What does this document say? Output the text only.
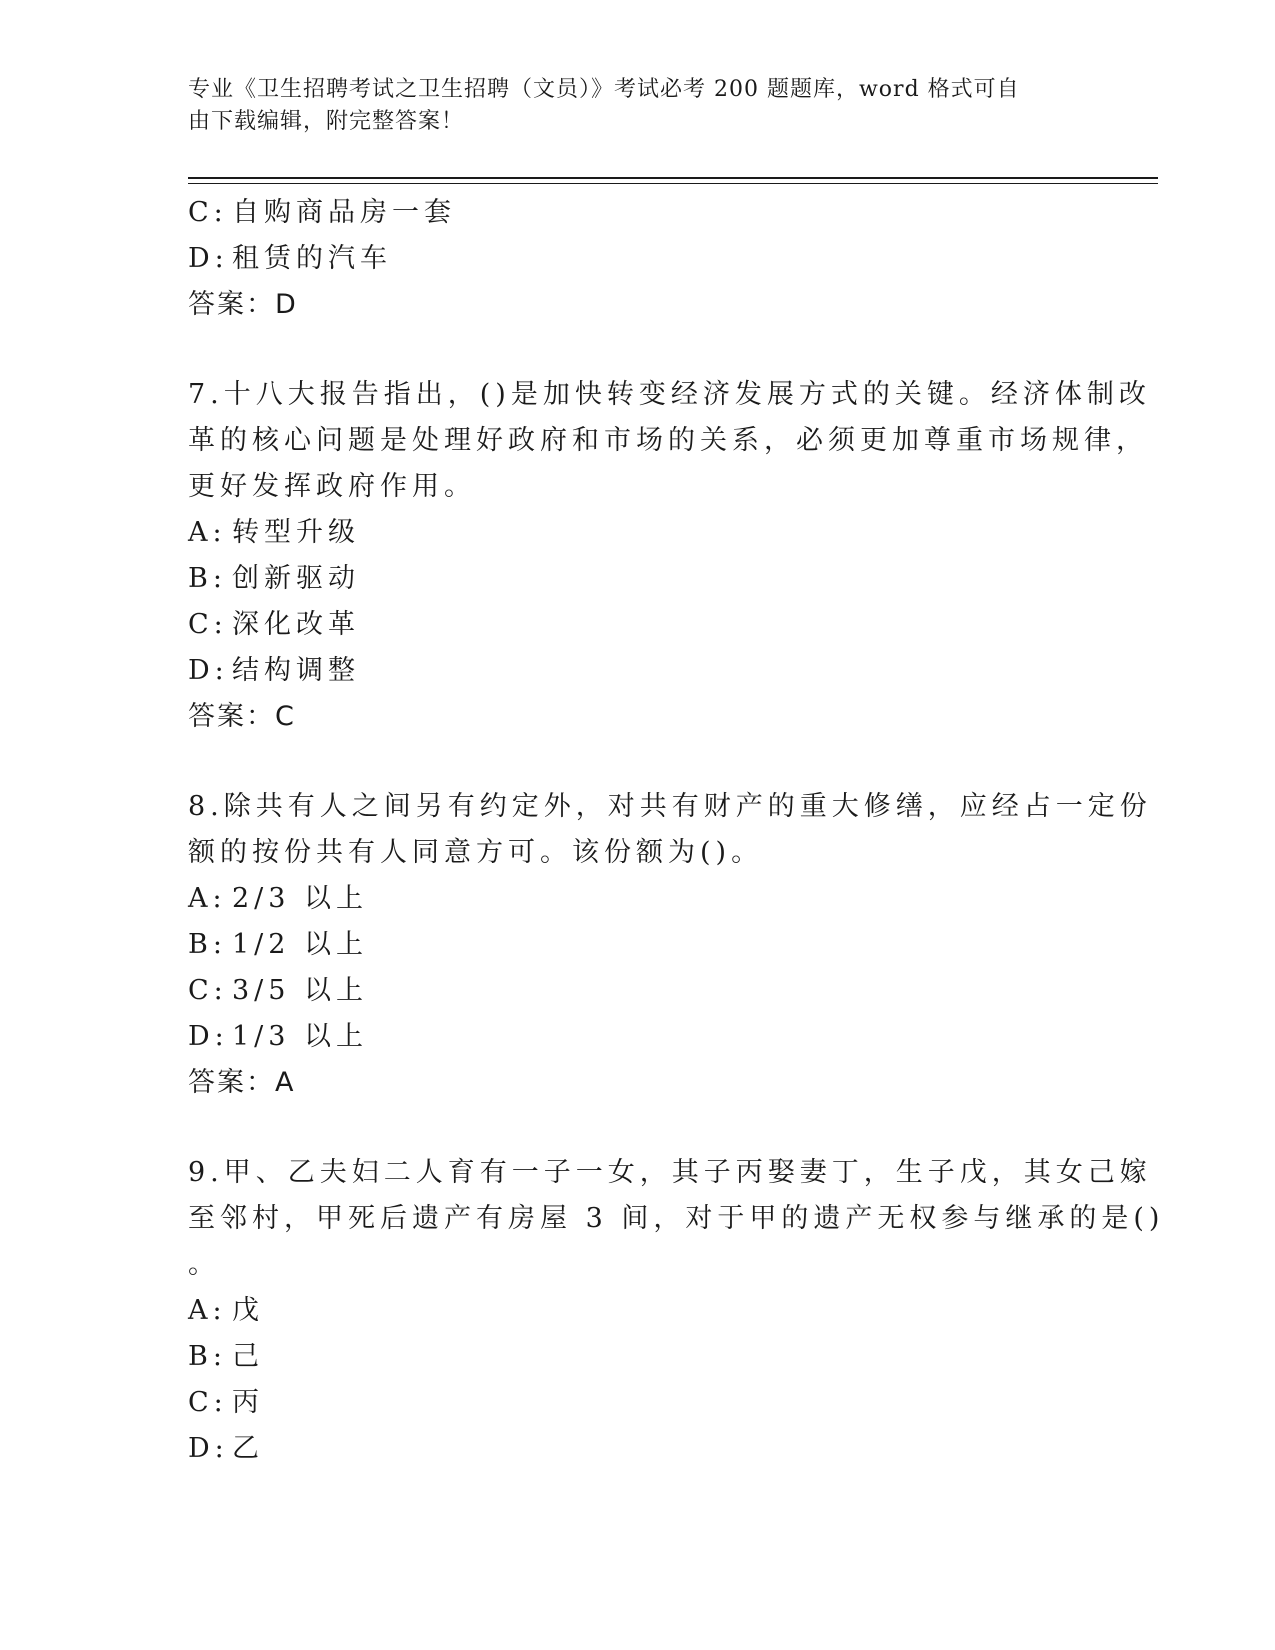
专业《卫生招聘考试之卫生招聘（文员）》考试必考 200 题题库，word 格式可自
由下载编辑，附完整答案！
C: 自购商品房一套
D: 租赁的汽车
答案：D
7.十八大报告指出，()是加快转变经济发展方式的关键。经济体制改
革的核心问题是处理好政府和市场的关系，必须更加尊重市场规律，
更好发挥政府作用。
A: 转型升级
B: 创新驱动
C: 深化改革
D: 结构调整
答案：C
8.除共有人之间另有约定外，对共有财产的重大修缮，应经占一定份
额的按份共有人同意方可。该份额为()。
A: 2/3 以上
B: 1/2 以上
C: 3/5 以上
D: 1/3 以上
答案：A
9.甲、乙夫妇二人育有一子一女，其子丙娶妻丁，生子戊，其女己嫁
至邻村，甲死后遗产有房屋 3 间，对于甲的遗产无权参与继承的是()
。
A: 戊
B: 己
C: 丙
D: 乙
